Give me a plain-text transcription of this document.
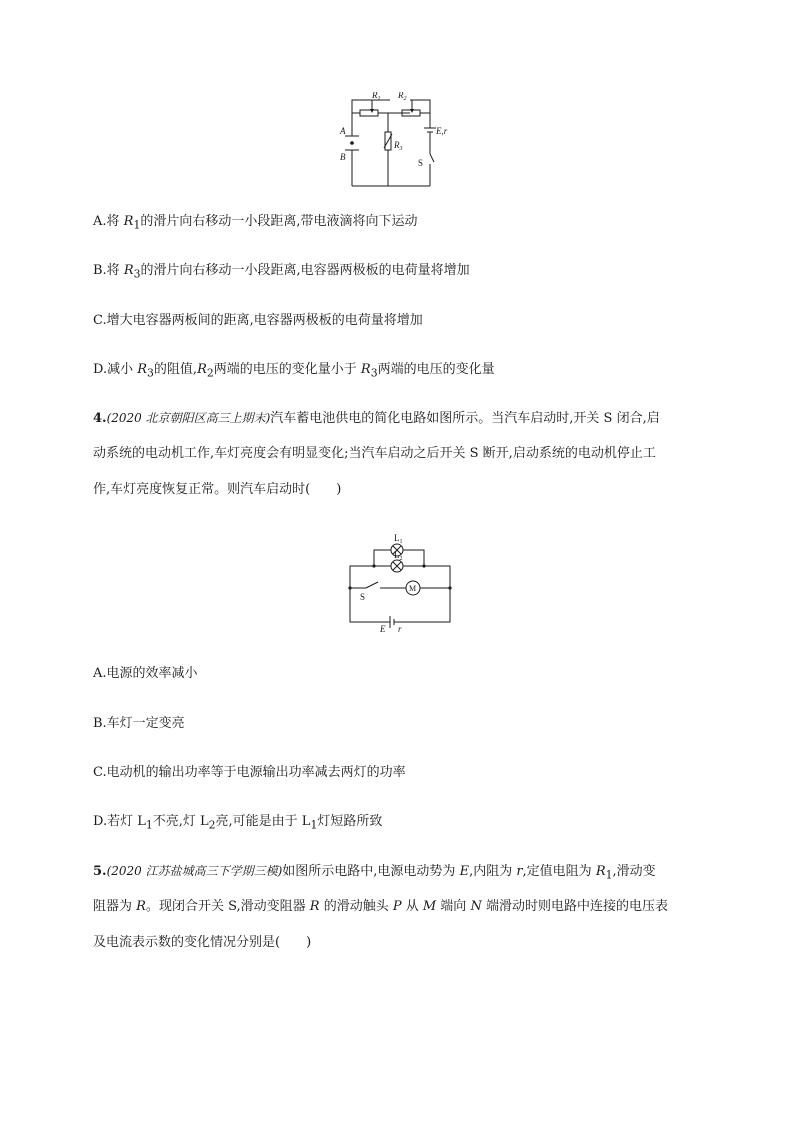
$R_1$ $R_2$
$R_3$
A
B
E,r
S
A.将 $R_1$的滑片向右移动一小段距离,带电液滴将向下运动
B.将 $R_3$的滑片向右移动一小段距离,电容器两极板的电荷量将增加
C.增大电容器两板间的距离,电容器两极板的电荷量将增加
D.减小 $R_3$的阻值$,R_2$两端的电压的变化量小于 $R_3$两端的电压的变化量
4.(2020 北京朝阳区高三上期末)汽车蓄电池供电的简化电路如图所示。当汽车启动时,开关 S 闭合,启
动系统的电动机工作,车灯亮度会有明显变化;当汽车启动之后开关 S 断开,启动系统的电动机停止工
作,车灯亮度恢复正常。则汽车启动时(　　)
$L_1$
$L_2$
S
M
E r
A.电源的效率减小
B.车灯一定变亮
C.电动机的输出功率等于电源输出功率减去两灯的功率
D.若灯 $L_1$不亮,灯 $L_2$亮,可能是由于 $L_1$灯短路所致
5.(2020 江苏盐城高三下学期三模)如图所示电路中,电源电动势为 E,内阻为 r,定值电阻为 $R_1$,滑动变
阻器为 R。现闭合开关 S,滑动变阻器 R 的滑动触头 P 从 M 端向 N 端滑动时则电路中连接的电压表
及电流表示数的变化情况分别是(　　)
